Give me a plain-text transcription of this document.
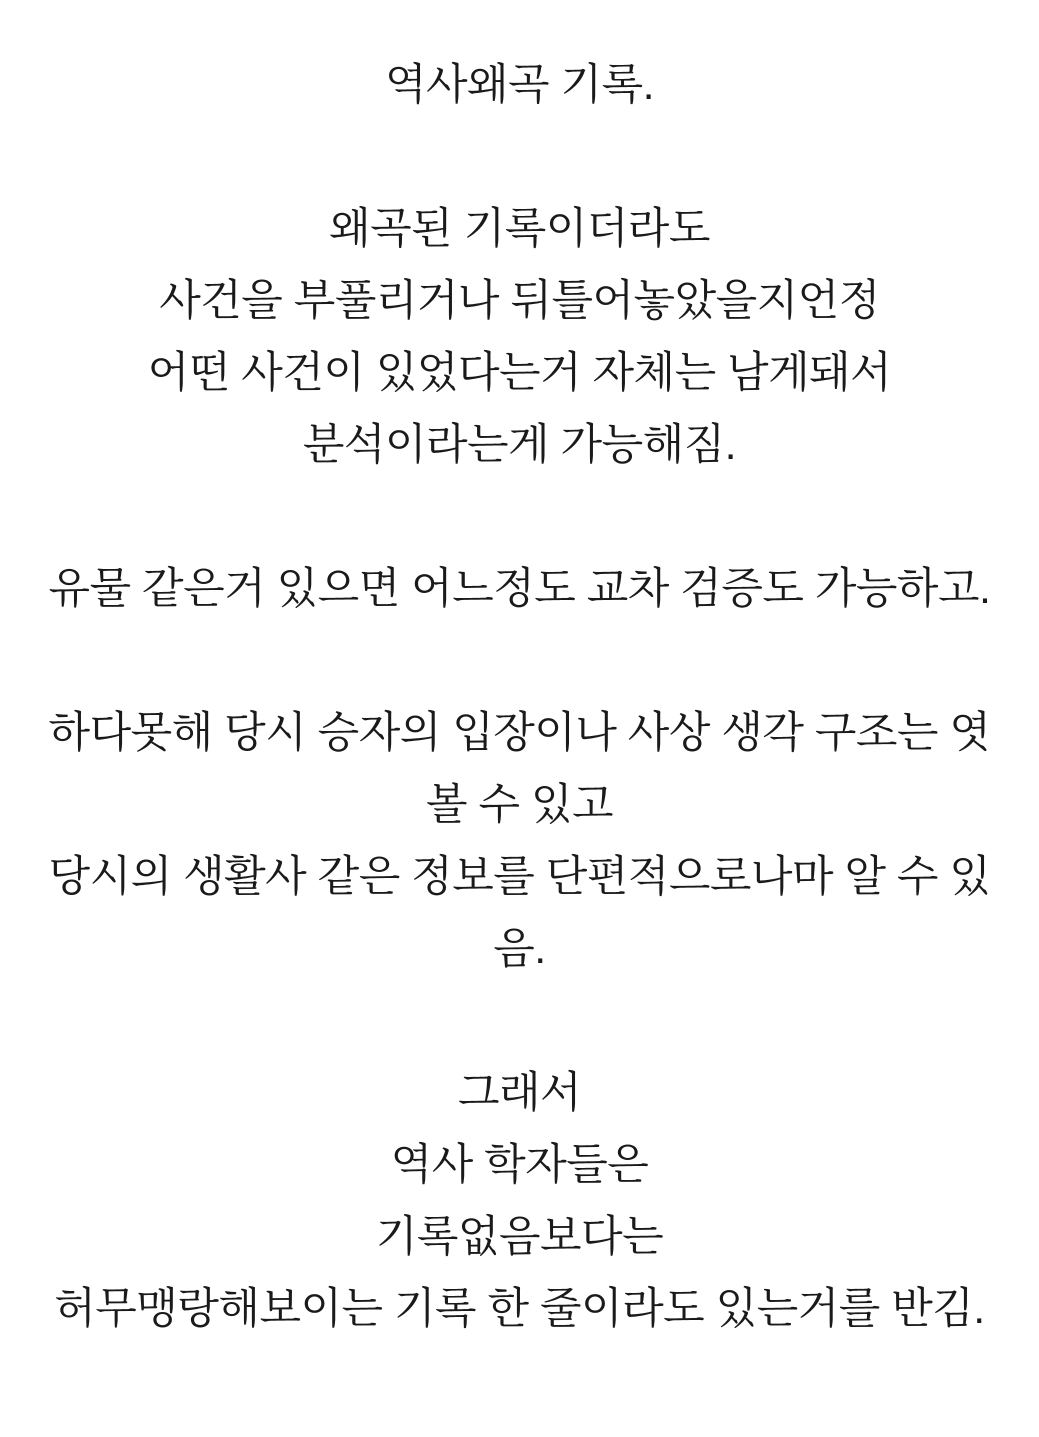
역사왜곡 기록.
왜곡된 기록이더라도
사건을 부풀리거나 뒤틀어놓았을지언정
어떤 사건이 있었다는거 자체는 남게돼서
분석이라는게 가능해짐.
유물 같은거 있으면 어느정도 교차 검증도 가능하고.
하다못해 당시 승자의 입장이나 사상 생각 구조는 엿
볼 수 있고
당시의 생활사 같은 정보를 단편적으로나마 알 수 있
음.
그래서
역사 학자들은
기록없음보다는
허무맹랑해보이는 기록 한 줄이라도 있는거를 반김.
